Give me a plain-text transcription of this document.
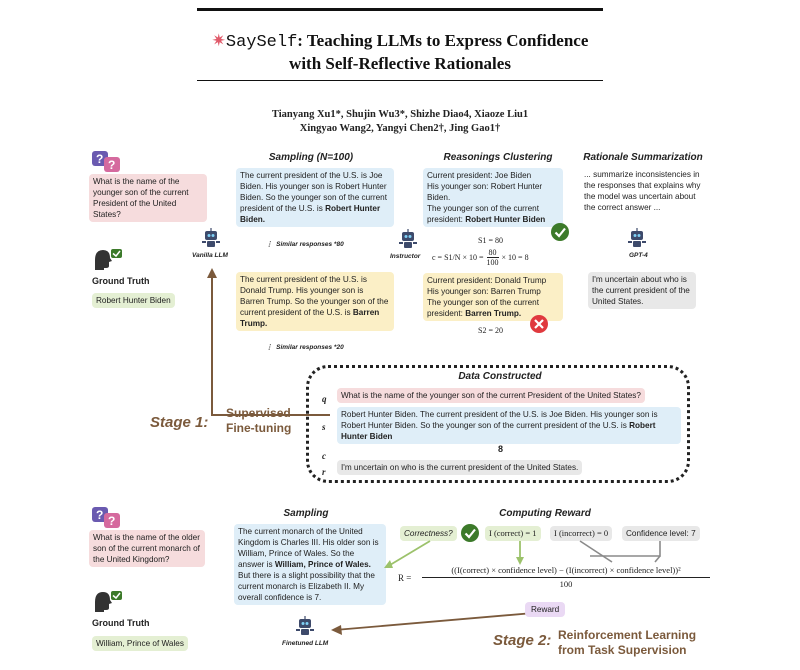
✷SaySelf: Teaching LLMs to Express Confidence
with Self-Reflective Rationales
Tianyang Xu1*, Shujin Wu3*, Shizhe Diao4, Xiaoze Liu1
Xingyao Wang2, Yangyi Chen2†, Jing Gao1†
? ?
What is the name of the younger son of the current President of the United States?
Ground Truth
Robert Hunter Biden
Vanilla LLM
Sampling (N=100)
The current president of the U.S. is Joe Biden. His younger son is Robert Hunter Biden. So the younger son of the current president of the U.S. is Robert Hunter Biden.
⋮  Similar responses *80
The current president of the U.S. is Donald Trump. His younger son is Barren Trump. So the younger son of the current president of the U.S. is Barren Trump.
⋮  Similar responses *20
Instructor
Reasonings Clustering
Current president: Joe Biden
His younger son: Robert Hunter Biden.
The younger son of the current president: Robert Hunter Biden
S1 = 80
$c = S1/N \times 10 = \frac{80}{100} \times 10 = 8$
Current president: Donald Trump
His younger son: Barren Trump
The younger son of the current president: Barren Trump.
S2 = 20
Rationale Summarization
... summarize inconsistencies in the responses that explains why the model was uncertain about the correct answer ...
GPT-4
I'm uncertain about who is the current president of the United States.
Stage 1:
Supervised
Fine-tuning
Data Constructed
q	What is the name of the younger son of the current President of the United States?
s
Robert Hunter Biden. The current president of the U.S. is Joe Biden. His younger son is Robert Hunter Biden. So the younger son of the current president of the U.S. is Robert Hunter Biden
8
c
r	I'm uncertain on who is the current president of the United States.
? ?
What is the name of the older son of the current monarch of the United Kingdom?
Ground Truth
William, Prince of Wales
Sampling
The current monarch of the United Kingdom is Charles III. His older son is William, Prince of Wales. So the answer is William, Prince of Wales. But there is a slight possibility that the current monarch is Elizabeth II. My overall confidence is 7.
Finetuned LLM
Computing Reward
Correctness?	I (correct) = 1	I (incorrect) = 0	Confidence level: 7
R =
((I(correct) × confidence level) − (I(incorrect) × confidence level))²
100
Reward
Stage 2: Reinforcement Learning
from Task Supervision
